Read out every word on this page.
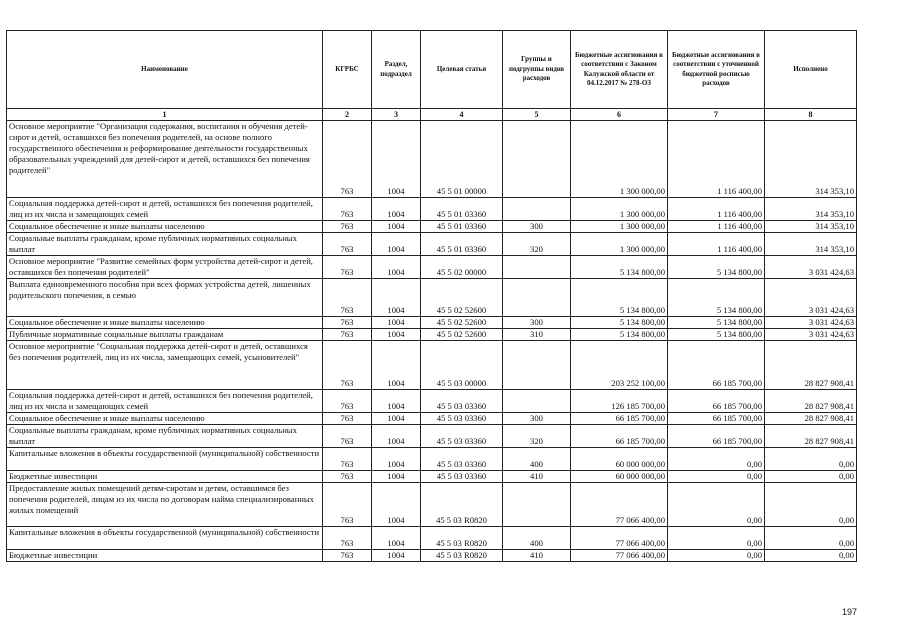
Наименование	КГРБС	Раздел, подраздел	Целевая статья	Группы и подгруппы видов расходов	Бюджетные ассигнования в соответствии с Законом Калужской области от 04.12.2017 № 278-ОЗ	Бюджетные ассигнования в соответствии с уточненной бюджетной росписью расходов	Исполнено
1	2	3	4	5	6	7	8
Основное мероприятие "Организация содержания, воспитания и обучения детей-сирот и детей, оставшихся без попечения родителей, на основе полного государственного обеспечения и реформирование деятельности государственных образовательных учреждений для детей-сирот и детей, оставшихся без попечения родителей"	763	1004	45 5 01 00000		1 300 000,00	1 116 400,00	314 353,10
Социальная поддержка детей-сирот и детей, оставшихся без попечения родителей, лиц из их числа и замещающих семей	763	1004	45 5 01 03360		1 300 000,00	1 116 400,00	314 353,10
Социальное обеспечение и иные выплаты населению	763	1004	45 5 01 03360	300	1 300 000,00	1 116 400,00	314 353,10
Социальные выплаты гражданам, кроме публичных нормативных социальных выплат	763	1004	45 5 01 03360	320	1 300 000,00	1 116 400,00	314 353,10
Основное мероприятие "Развитие семейных форм устройства детей-сирот и детей, оставшихся без попечения родителей"	763	1004	45 5 02 00000		5 134 800,00	5 134 800,00	3 031 424,63
Выплата единовременного пособия при всех формах устройства детей, лишенных родительского попечения, в семью	763	1004	45 5 02 52600		5 134 800,00	5 134 800,00	3 031 424,63
Социальное обеспечение и иные выплаты населению	763	1004	45 5 02 52600	300	5 134 800,00	5 134 800,00	3 031 424,63
Публичные нормативные социальные выплаты гражданам	763	1004	45 5 02 52600	310	5 134 800,00	5 134 800,00	3 031 424,63
Основное мероприятие "Социальная поддержка детей-сирот и детей, оставшихся без попечения родителей, лиц из их числа, замещающих семей, усыновителей"	763	1004	45 5 03 00000		203 252 100,00	66 185 700,00	28 827 908,41
Социальная поддержка детей-сирот и детей, оставшихся без попечения родителей, лиц из их числа и замещающих семей	763	1004	45 5 03 03360		126 185 700,00	66 185 700,00	28 827 908,41
Социальное обеспечение и иные выплаты населению	763	1004	45 5 03 03360	300	66 185 700,00	66 185 700,00	28 827 908,41
Социальные выплаты гражданам, кроме публичных нормативных социальных выплат	763	1004	45 5 03 03360	320	66 185 700,00	66 185 700,00	28 827 908,41
Капитальные вложения в объекты государственной (муниципальной) собственности	763	1004	45 5 03 03360	400	60 000 000,00	0,00	0,00
Бюджетные инвестиции	763	1004	45 5 03 03360	410	60 000 000,00	0,00	0,00
Предоставление жилых помещений детям-сиротам и детям, оставшимся без попечения родителей, лицам из их числа по договорам найма специализированных жилых помещений	763	1004	45 5 03 R0820		77 066 400,00	0,00	0,00
Капитальные вложения в объекты государственной (муниципальной) собственности	763	1004	45 5 03 R0820	400	77 066 400,00	0,00	0,00
Бюджетные инвестиции	763	1004	45 5 03 R0820	410	77 066 400,00	0,00	0,00
197
